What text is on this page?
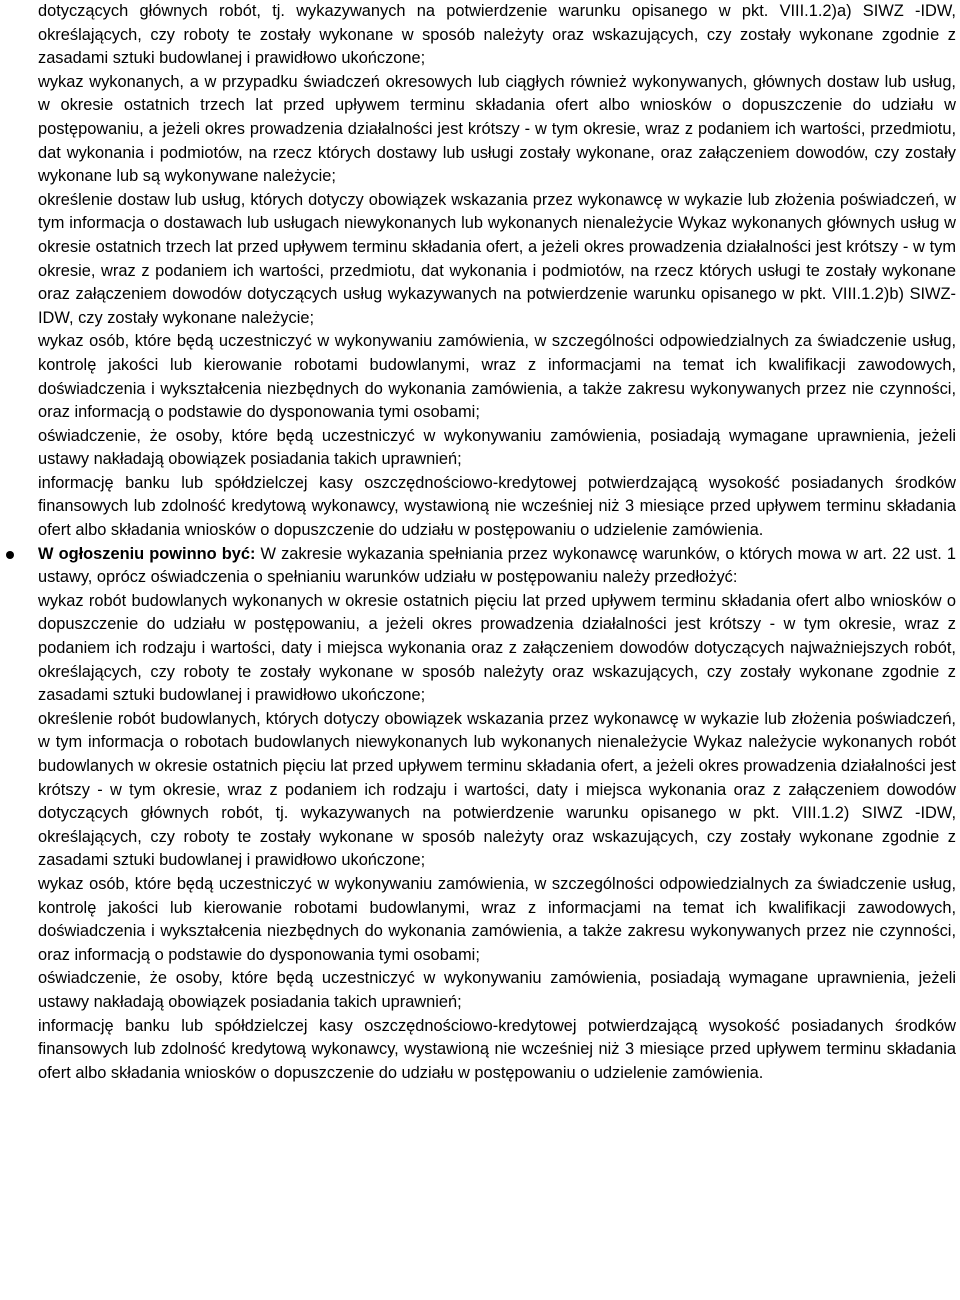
dotyczących głównych robót, tj. wykazywanych na potwierdzenie warunku opisanego w pkt. VIII.1.2)a) SIWZ -IDW, określających, czy roboty te zostały wykonane w sposób należyty oraz wskazujących, czy zostały wykonane zgodnie z zasadami sztuki budowlanej i prawidłowo ukończone;

wykaz wykonanych, a w przypadku świadczeń okresowych lub ciągłych również wykonywanych, głównych dostaw lub usług, w okresie ostatnich trzech lat przed upływem terminu składania ofert albo wniosków o dopuszczenie do udziału w postępowaniu, a jeżeli okres prowadzenia działalności jest krótszy - w tym okresie, wraz z podaniem ich wartości, przedmiotu, dat wykonania i podmiotów, na rzecz których dostawy lub usługi zostały wykonane, oraz załączeniem dowodów, czy zostały wykonane lub są wykonywane należycie;

określenie dostaw lub usług, których dotyczy obowiązek wskazania przez wykonawcę w wykazie lub złożenia poświadczeń, w tym informacja o dostawach lub usługach niewykonanych lub wykonanych nienależycie Wykaz wykonanych głównych usług w okresie ostatnich trzech lat przed upływem terminu składania ofert, a jeżeli okres prowadzenia działalności jest krótszy - w tym okresie, wraz z podaniem ich wartości, przedmiotu, dat wykonania i podmiotów, na rzecz których usługi te zostały wykonane oraz załączeniem dowodów dotyczących usług wykazywanych na potwierdzenie warunku opisanego w pkt. VIII.1.2)b) SIWZ-IDW, czy zostały wykonane należycie;

wykaz osób, które będą uczestniczyć w wykonywaniu zamówienia, w szczególności odpowiedzialnych za świadczenie usług, kontrolę jakości lub kierowanie robotami budowlanymi, wraz z informacjami na temat ich kwalifikacji zawodowych, doświadczenia i wykształcenia niezbędnych do wykonania zamówienia, a także zakresu wykonywanych przez nie czynności, oraz informacją o podstawie do dysponowania tymi osobami;

oświadczenie, że osoby, które będą uczestniczyć w wykonywaniu zamówienia, posiadają wymagane uprawnienia, jeżeli ustawy nakładają obowiązek posiadania takich uprawnień;

informację banku lub spółdzielczej kasy oszczędnościowo-kredytowej potwierdzającą wysokość posiadanych środków finansowych lub zdolność kredytową wykonawcy, wystawioną nie wcześniej niż 3 miesiące przed upływem terminu składania ofert albo składania wniosków o dopuszczenie do udziału w postępowaniu o udzielenie zamówienia.

W ogłoszeniu powinno być: W zakresie wykazania spełniania przez wykonawcę warunków, o których mowa w art. 22 ust. 1 ustawy, oprócz oświadczenia o spełnianiu warunków udziału w postępowaniu należy przedłożyć:

wykaz robót budowlanych wykonanych w okresie ostatnich pięciu lat przed upływem terminu składania ofert albo wniosków o dopuszczenie do udziału w postępowaniu, a jeżeli okres prowadzenia działalności jest krótszy - w tym okresie, wraz z podaniem ich rodzaju i wartości, daty i miejsca wykonania oraz z załączeniem dowodów dotyczących najważniejszych robót, określających, czy roboty te zostały wykonane w sposób należyty oraz wskazujących, czy zostały wykonane zgodnie z zasadami sztuki budowlanej i prawidłowo ukończone;

określenie robót budowlanych, których dotyczy obowiązek wskazania przez wykonawcę w wykazie lub złożenia poświadczeń, w tym informacja o robotach budowlanych niewykonanych lub wykonanych nienależycie Wykaz należycie wykonanych robót budowlanych w okresie ostatnich pięciu lat przed upływem terminu składania ofert, a jeżeli okres prowadzenia działalności jest krótszy - w tym okresie, wraz z podaniem ich rodzaju i wartości, daty i miejsca wykonania oraz z załączeniem dowodów dotyczących głównych robót, tj. wykazywanych na potwierdzenie warunku opisanego w pkt. VIII.1.2) SIWZ -IDW, określających, czy roboty te zostały wykonane w sposób należyty oraz wskazujących, czy zostały wykonane zgodnie z zasadami sztuki budowlanej i prawidłowo ukończone;

wykaz osób, które będą uczestniczyć w wykonywaniu zamówienia, w szczególności odpowiedzialnych za świadczenie usług, kontrolę jakości lub kierowanie robotami budowlanymi, wraz z informacjami na temat ich kwalifikacji zawodowych, doświadczenia i wykształcenia niezbędnych do wykonania zamówienia, a także zakresu wykonywanych przez nie czynności, oraz informacją o podstawie do dysponowania tymi osobami;

oświadczenie, że osoby, które będą uczestniczyć w wykonywaniu zamówienia, posiadają wymagane uprawnienia, jeżeli ustawy nakładają obowiązek posiadania takich uprawnień;

informację banku lub spółdzielczej kasy oszczędnościowo-kredytowej potwierdzającą wysokość posiadanych środków finansowych lub zdolność kredytową wykonawcy, wystawioną nie wcześniej niż 3 miesiące przed upływem terminu składania ofert albo składania wniosków o dopuszczenie do udziału w postępowaniu o udzielenie zamówienia.
